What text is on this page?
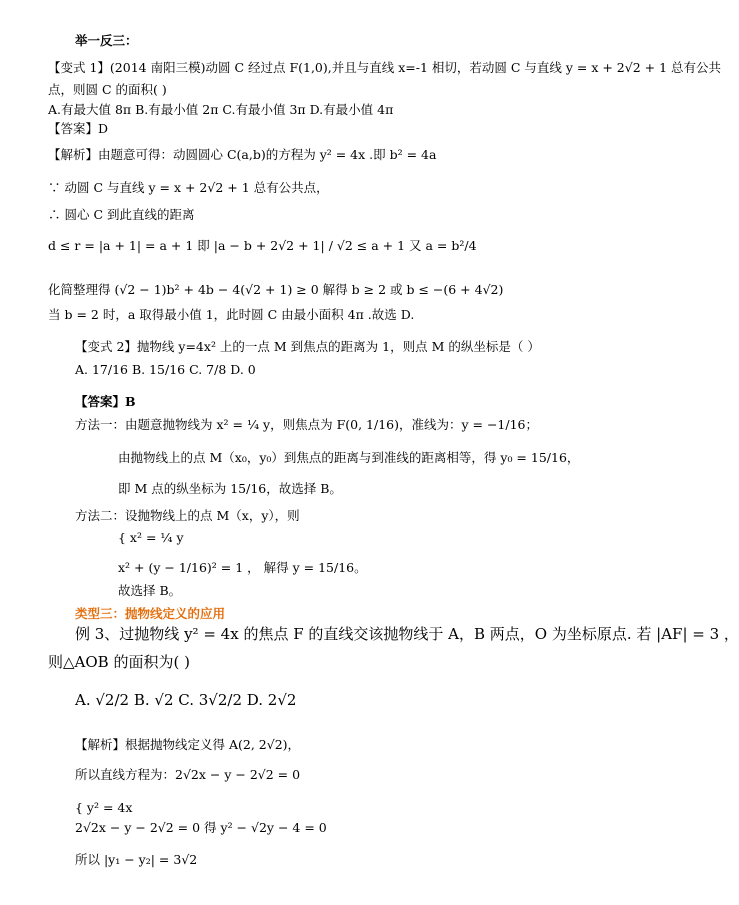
举一反三：
【变式 1】(2014 南阳三模)动圆 C 经过点 F(1,0),并且与直线 x=-1 相切，若动圆 C 与直线 y = x + 2√2 + 1 总有公共
点，则圆 C 的面积( )
A.有最大值 8π B.有最小值 2π C.有最小值 3π D.有最小值 4π
【答案】D
【解析】由题意可得：动圆圆心 C(a,b)的方程为 y² = 4x .即 b² = 4a
∵ 动圆 C 与直线 y = x + 2√2 + 1 总有公共点，
∴ 圆心 C 到此直线的距离
d ≤ r = |a + 1| = a + 1 即 |a − b + 2√2 + 1| / √2 ≤ a + 1 又 a = b²/4
化简整理得 (√2 − 1)b² + 4b − 4(√2 + 1) ≥ 0 解得 b ≥ 2 或 b ≤ −(6 + 4√2)
当 b = 2 时，a 取得最小值 1，此时圆 C 由最小面积 4π .故选 D.
【变式 2】抛物线 y=4x² 上的一点 M 到焦点的距离为 1，则点 M 的纵坐标是（ ）
A. 17/16 B. 15/16 C. 7/8 D. 0
【答案】B
方法一：由题意抛物线为 x² = ¼ y，则焦点为 F(0, 1/16)，准线为：y = −1/16；
由抛物线上的点 M（x₀，y₀）到焦点的距离与到准线的距离相等，得 y₀ = 15/16，
即 M 点的纵坐标为 15/16，故选择 B。
方法二：设抛物线上的点 M（x，y），则
{ x² = ¼ y
x² + (y − 1/16)² = 1 ， 解得 y = 15/16。
故选择 B。
类型三：抛物线定义的应用
例 3、过抛物线 y² = 4x 的焦点 F 的直线交该抛物线于 A，B 两点，O 为坐标原点. 若 |AF| = 3 ，
则△AOB 的面积为( )
A. √2/2 B. √2 C. 3√2/2 D. 2√2
【解析】根据抛物线定义得 A(2, 2√2)，
所以直线方程为：2√2x − y − 2√2 = 0
{ y² = 4x
2√2x − y − 2√2 = 0 得 y² − √2y − 4 = 0
所以 |y₁ − y₂| = 3√2
